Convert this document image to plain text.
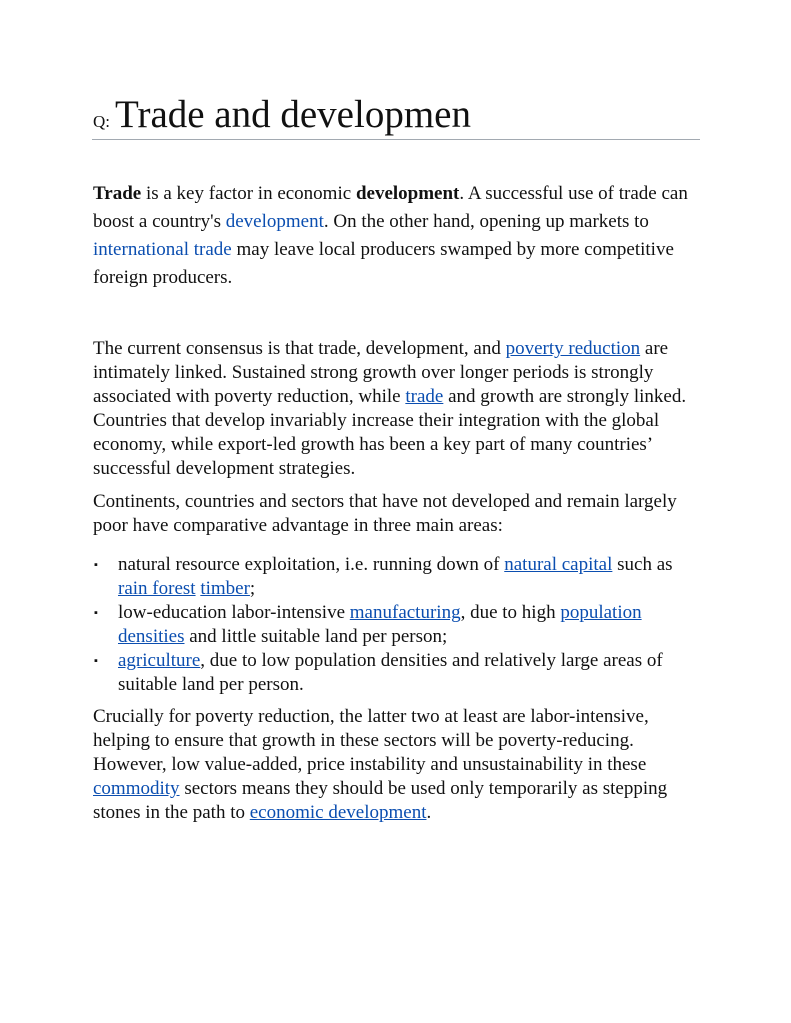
Q: Trade and developmen

Trade is a key factor in economic development. A successful use of trade can boost a country's development. On the other hand, opening up markets to international trade may leave local producers swamped by more competitive foreign producers.

The current consensus is that trade, development, and poverty reduction are intimately linked. Sustained strong growth over longer periods is strongly associated with poverty reduction, while trade and growth are strongly linked. Countries that develop invariably increase their integration with the global economy, while export-led growth has been a key part of many countries’ successful development strategies.

Continents, countries and sectors that have not developed and remain largely poor have comparative advantage in three main areas:

▪ natural resource exploitation, i.e. running down of natural capital such as rain forest timber;
▪ low-education labor-intensive manufacturing, due to high population densities and little suitable land per person;
▪ agriculture, due to low population densities and relatively large areas of suitable land per person.

Crucially for poverty reduction, the latter two at least are labor-intensive, helping to ensure that growth in these sectors will be poverty-reducing. However, low value-added, price instability and unsustainability in these commodity sectors means they should be used only temporarily as stepping stones in the path to economic development.
